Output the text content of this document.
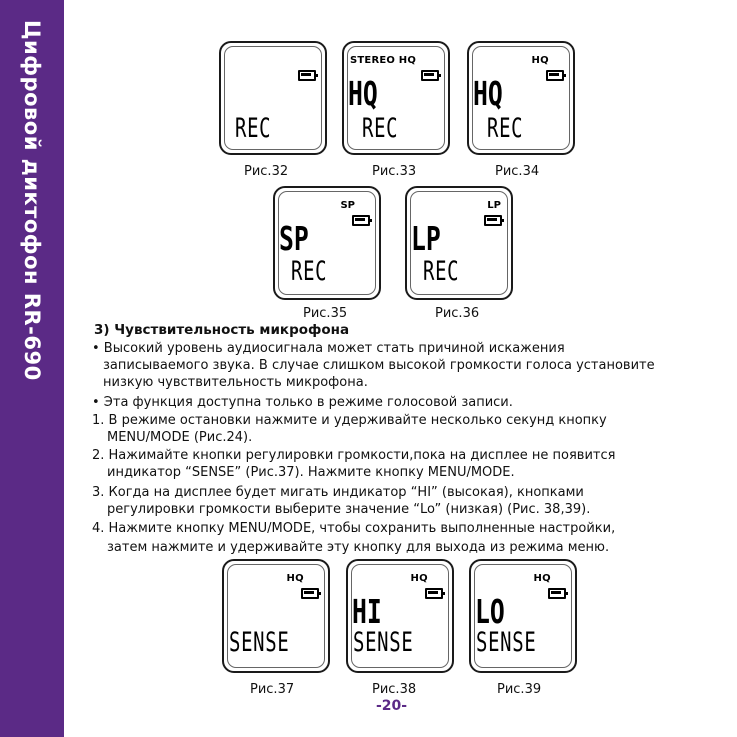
Цифровой диктофон RR-690	REC
Рис.32
STEREO HQ
HQ
REC
Рис.33
HQ
HQ
REC
Рис.34
SP
SP
REC
Рис.35
LP
LP
REC
Рис.36
3) Чувствительность микрофона
• Высокий уровень аудиосигнала может стать причиной искажения
записываемого звука. В случае слишком высокой громкости голоса установите
низкую чувствительность микрофона.
• Эта функция доступна только в режиме голосовой записи.
1. В режиме остановки нажмите и удерживайте несколько секунд кнопку
MENU/MODE (Рис.24).
2. Нажимайте кнопки регулировки громкости,пока на дисплее не появится
индикатор “SENSE” (Рис.37). Нажмите кнопку MENU/MODE.
3. Когда на дисплее будет мигать индикатор “HI” (высокая), кнопками
регулировки громкости выберите значение “Lo” (низкая) (Рис. 38,39).
4. Нажмите кнопку MENU/MODE, чтобы сохранить выполненные настройки,
затем нажмите и удерживайте эту кнопку для выхода из режима меню.
HQ
SENSE
Рис.37
HQ
HI
SENSE
Рис.38
HQ
LO
SENSE
Рис.39
-20-
